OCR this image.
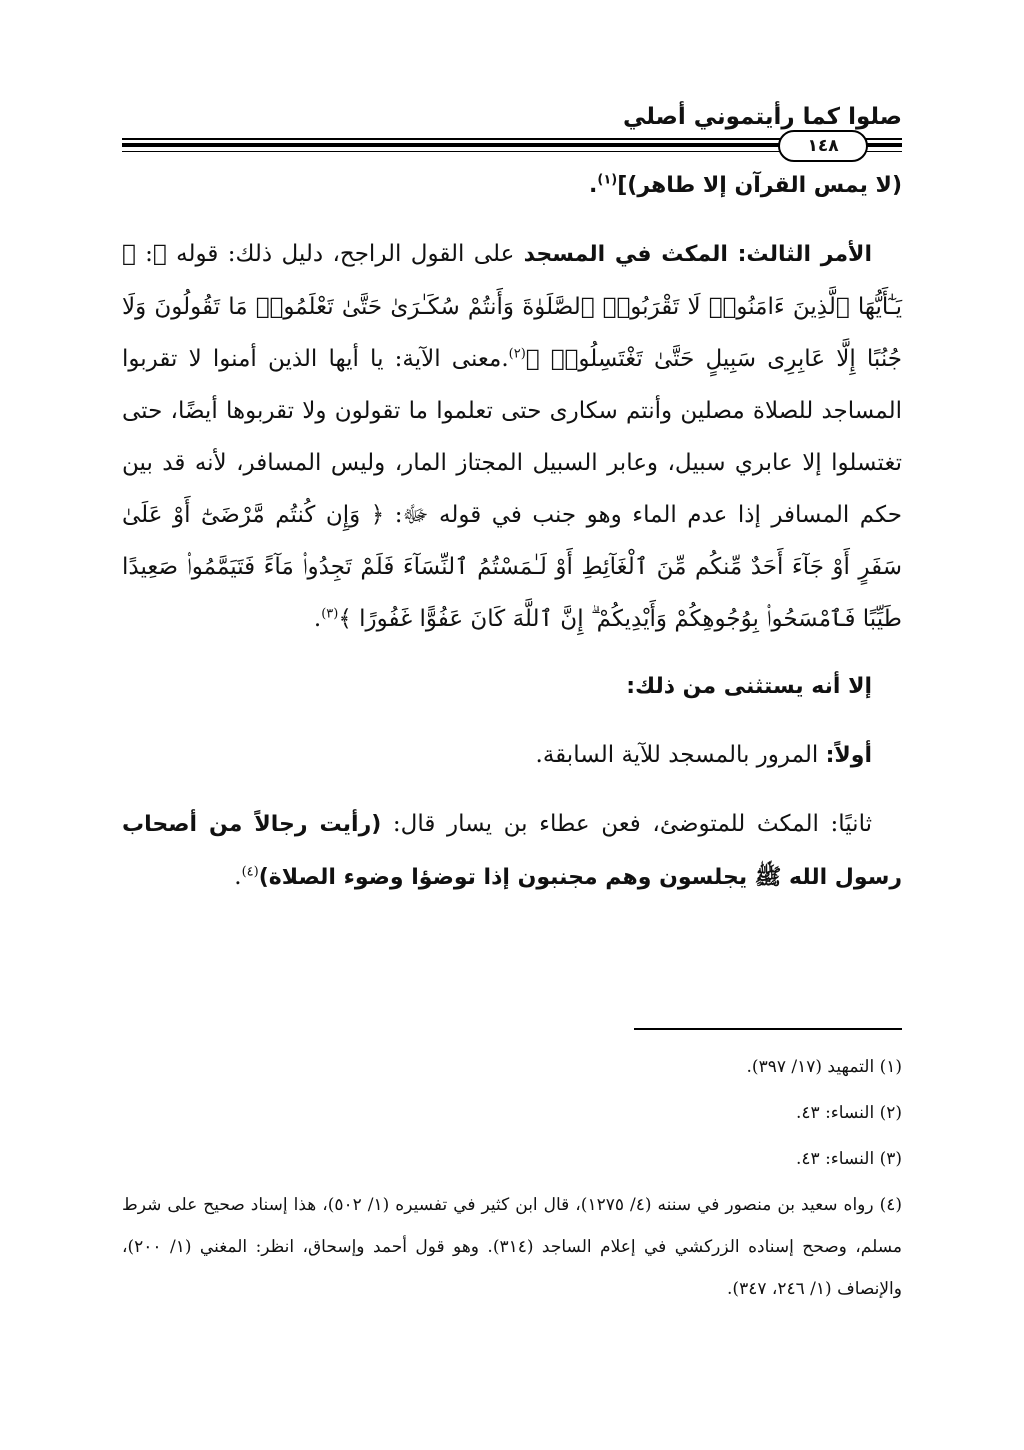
صلوا كما رأيتموني أصلي
١٤٨

(لا يمس القرآن إلا طاهر)]$^{(١)}$.

الأمر الثالث: المكث في المسجد على القول الراجح، دليل ذلك: قوله ﷻ: ﴿ يَـٰٓأَيُّهَا ٱلَّذِينَ ءَامَنُوا۟ لَا تَقْرَبُوا۟ ٱلصَّلَوٰةَ وَأَنتُمْ سُكَـٰرَىٰ حَتَّىٰ تَعْلَمُوا۟ مَا تَقُولُونَ وَلَا جُنُبًا إِلَّا عَابِرِى سَبِيلٍ حَتَّىٰ تَغْتَسِلُوا۟ ﴾$^{(٢)}$.معنى الآية: يا أيها الذين أمنوا لا تقربوا المساجد للصلاة مصلين وأنتم سكارى حتى تعلموا ما تقولون ولا تقربوها أيضًا، حتى تغتسلوا إلا عابري سبيل، وعابر السبيل المجتاز المار، وليس المسافر، لأنه قد بين حكم المسافر إذا عدم الماء وهو جنب في قوله ﷻ: ﴿ وَإِن كُنتُم مَّرْضَىٰٓ أَوْ عَلَىٰ سَفَرٍ أَوْ جَآءَ أَحَدٌ مِّنكُم مِّنَ ٱلْغَآئِطِ أَوْ لَـٰمَسْتُمُ ٱلنِّسَآءَ فَلَمْ تَجِدُوا۟ مَآءً فَتَيَمَّمُوا۟ صَعِيدًا طَيِّبًا فَٱمْسَحُوا۟ بِوُجُوهِكُمْ وَأَيْدِيكُمْ ۗ إِنَّ ٱللَّهَ كَانَ عَفُوًّا غَفُورًا ﴾$^{(٣)}$.

إلا أنه يستثنى من ذلك:

أولاً: المرور بالمسجد للآية السابقة.

ثانيًا: المكث للمتوضئ، فعن عطاء بن يسار قال: (رأيت رجالاً من أصحاب رسول الله ﷺ يجلسون وهم مجنبون إذا توضؤا وضوء الصلاة)$^{(٤)}$.

(١) التمهيد (١٧/ ٣٩٧).

(٢) النساء: ٤٣.

(٣) النساء: ٤٣.

(٤) رواه سعيد بن منصور في سننه (٤/ ١٢٧٥)، قال ابن كثير في تفسيره (١/ ٥٠٢)، هذا إسناد صحيح على شرط مسلم، وصحح إسناده الزركشي في إعلام الساجد (٣١٤). وهو قول أحمد وإسحاق، انظر: المغني (١/ ٢٠٠)، والإنصاف (١/ ٢٤٦، ٣٤٧).
